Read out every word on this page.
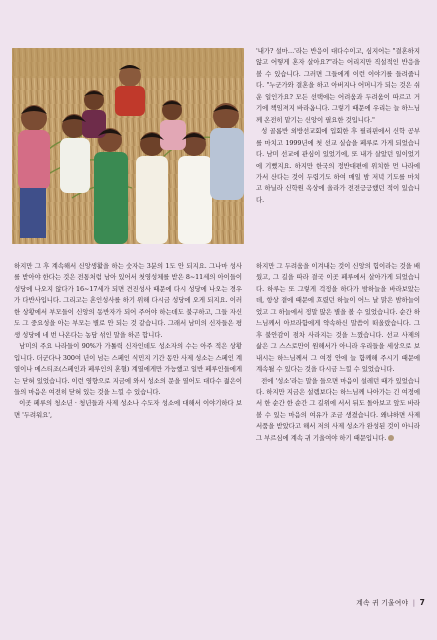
'내가? 설마…'라는 반응이 대다수이고, 심지어는 "결혼하지 않고 어떻게 혼자 살아요?"라는 어리지만 직설적인 반응을 볼 수 있습니다. 그러면 그들에게 이런 이야기를 들려줍니다. "누군가와 결혼을 하고 아버지나 어머니가 되는 것은 쉬운 일인가요? 모든 선택에는 어려움과 두려움이 따르고 거기에 책임져지 바라옵니다. 그렇기 때문에 우리는 늘 하느님께 온전히 맡기는 신앙이 필요한 것입니다."

성 골롬반 외방선교회에 입회한 후 필리핀에서 신학 공부를 마치고 1999년에 첫 선교 실습을 페루로 가게 되었습니다. 남미 선교에 관심이 있었기에, 또 내가 살았던 일이었기에 기뻤지요. 하지만 한국의 정반대편에 위치한 먼 나라에 가서 산다는 것이 두렵기도 하여 매일 밤 저녁 기도를 마치고 하닐라 신학원 옥상에 올라가 전전긍긍했던 적이 있습니다.

하지만 그 후 계속해서 신앙생활을 하는 숫자는 3분의 1도 안 되지요. 그나마 성사를 받아야 한다는 것은 전통처럼 남아 있어서 첫영성체를 받은 8~11세의 아이들이 성당에 나오지 않다가 16~17세가 되면 견진성사 때문에 다시 성당에 나오는 경우가 다반사입니다. 그리고는 혼인성사를 하기 위해 다시금 성당에 오게 되지요. 이러한 상황에서 부모들이 신앙의 동반자가 되어 주어야 하는데도 불구하고, 그들 자신도 그 중요성을 아는 부모는 별로 안 되는 것 같습니다. 그래서 남미의 신자들은 평생 성당에 네 번 나온다는 농담 섞인 말을 하곤 합니다.

남미의 주요 나라들이 90%가 가톨릭 신자인데도 성소자의 수는 아주 적은 상황입니다. 더군다나 300여 년이 넘는 스페인 식민지 기간 동안 사제 성소는 스페인 계열이나 메스티조(스페인과 페루인의 혼혈) 계열에게만 가능했고 일반 페루인들에게는 닫혀 있었습니다. 이런 영향으로 지금에 와서 성소의 문을 열어도 대다수 젊은이들의 마음은 여전히 닫혀 있는 것을 느낄 수 있습니다.

이곳 페루의 청소년 · 청년들과 사제 성소나 수도자 성소에 대해서 이야기하다 보면 '두려워요',

하지만 그 두려움을 이겨내는 것이 신앙의 힘이라는 것을 배웠고, 그 길을 따라 결국 이곳 페루에서 살아가게 되었습니다. 하루는 또 그렇게 걱정을 하다가 밤하늘을 바라보았는데, 항상 곁에 때문에 흐렸던 하늘이 어느 날 맑은 밤하늘이었고 그 하늘에서 정말 많은 별을 볼 수 있었습니다. 순간 하느님께서 아브라함에게 약속하신 말씀이 떠올랐습니다. 그 후 불안감이 점차 사라지는 것을 느꼈습니다. 선교 사제의 삶은 그 스스로만이 원해서가 아니라 우리들을 세상으로 보내시는 하느님께서 그 여정 안에 늘 함께해 주시기 때문에 계속될 수 있다는 것을 다시금 느낄 수 있었습니다.

전에 '성소'라는 말을 들으면 마음이 설레던 때가 있었습니다. 하지만 지금은 설렘보다는 하느님께 나아가는 긴 여정에서 한 순간 한 순간 그 길위에 서서 뒤도 돌아보고 앞도 바라볼 수 있는 마음의 여유가 조금 생겼습니다. 왜냐하면 사제 서품을 받았다고 해서 저의 사제 성소가 완성된 것이 아니라 그 부르심에 계속 귀 기울여야 하기 때문입니다.

계속 귀 기울여야 | 7
